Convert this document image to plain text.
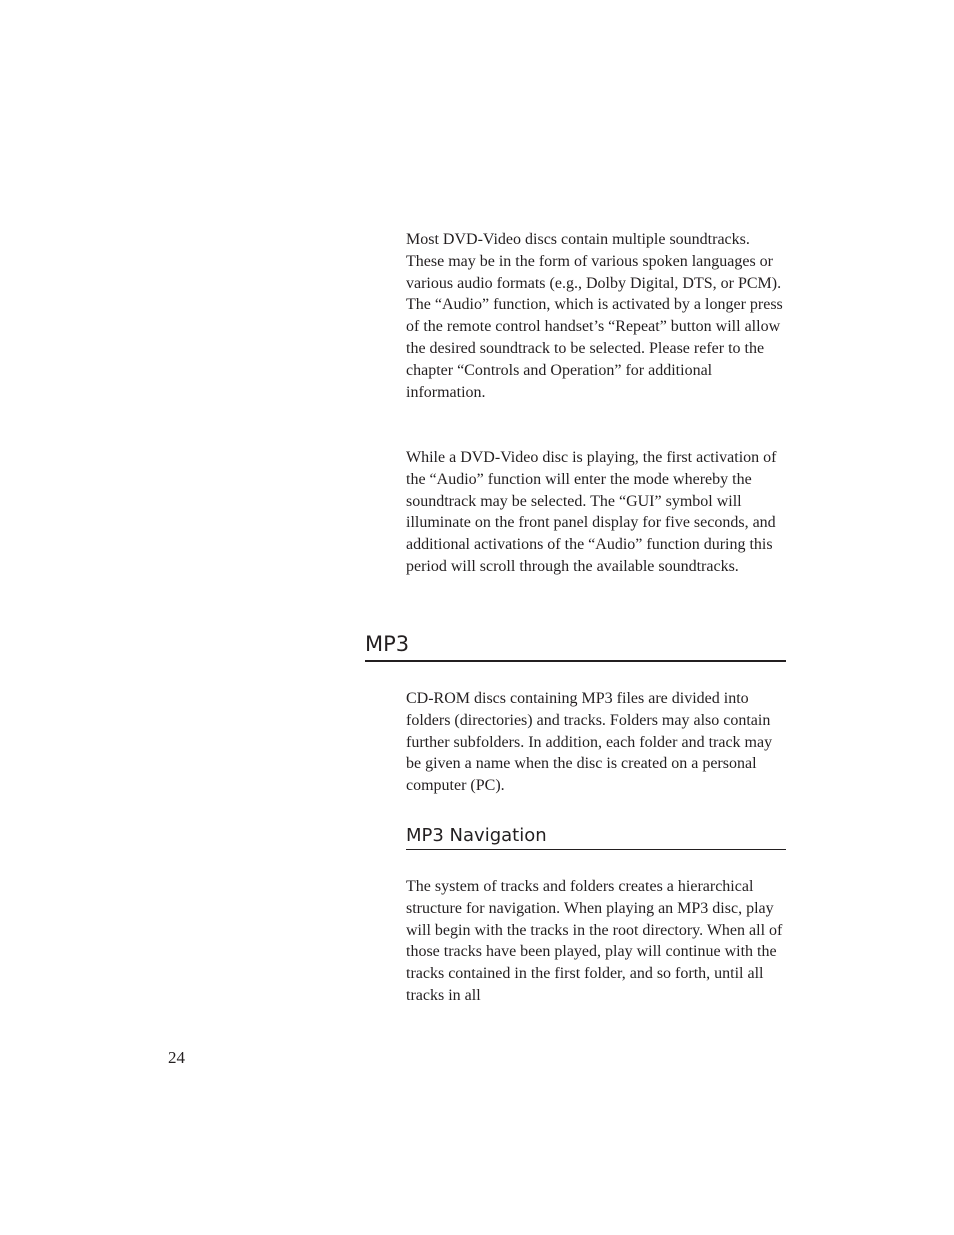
Most DVD-Video discs contain multiple soundtracks. These may be in the form of various spoken languages or various audio formats (e.g., Dolby Digital, DTS, or PCM). The “Audio” function, which is activated by a longer press of the remote control handset’s “Repeat” button will allow the desired soundtrack to be selected. Please refer to the chapter “Controls and Operation” for additional information.

While a DVD-Video disc is playing, the first activation of the “Audio” function will enter the mode whereby the soundtrack may be selected. The “GUI” symbol will illuminate on the front panel display for five seconds, and additional activations of the “Audio” function during this period will scroll through the available soundtracks.

MP3

CD-ROM discs containing MP3 files are divided into folders (directories) and tracks. Folders may also contain further subfolders. In addition, each folder and track may be given a name when the disc is created on a personal computer (PC).

MP3 Navigation

The system of tracks and folders creates a hierarchical structure for navigation. When playing an MP3 disc, play will begin with the tracks in the root directory. When all of those tracks have been played, play will continue with the tracks contained in the first folder, and so forth, until all tracks in all

24
